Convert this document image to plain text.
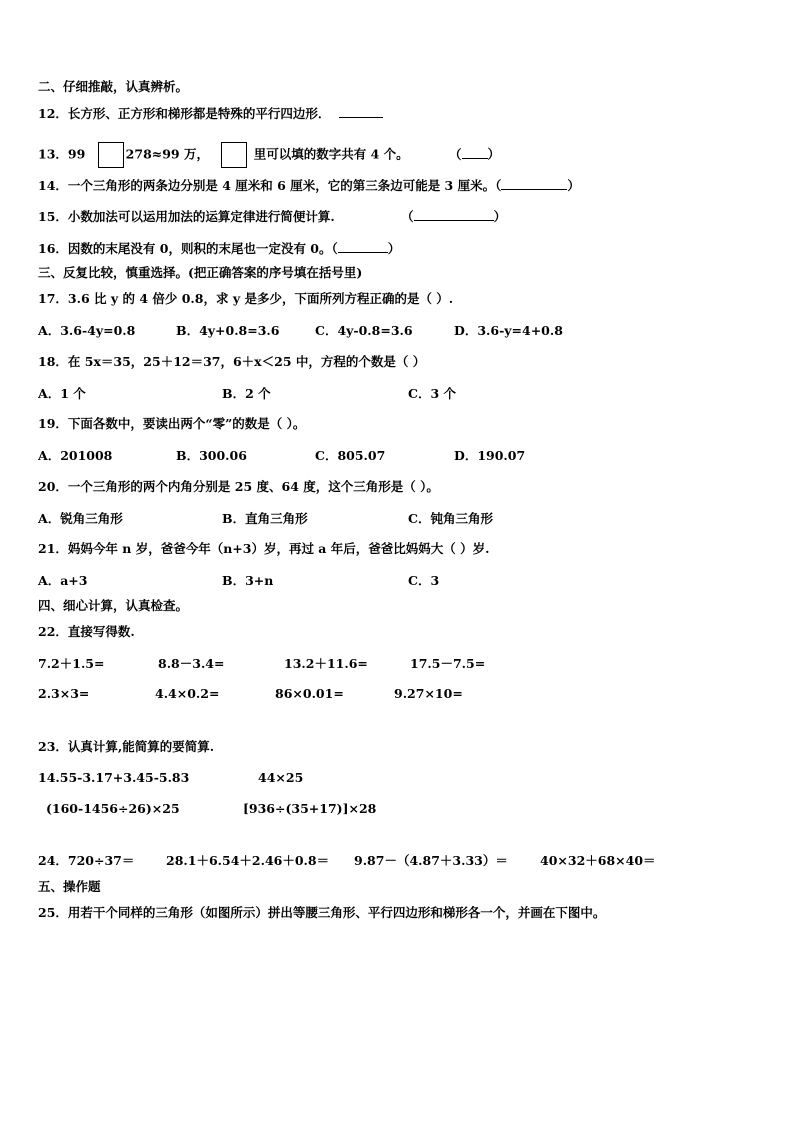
二、仔细推敲，认真辨析。
12．长方形、正方形和梯形都是特殊的平行四边形．
13．99	278≈99 万，	里可以填的数字共有 4 个。	（ ）
14．一个三角形的两条边分别是 4 厘米和 6 厘米，它的第三条边可能是 3 厘米。（	）
15．小数加法可以运用加法的运算定律进行简便计算.	（	）
16．因数的末尾没有 0，则积的末尾也一定没有 0。（	）
三、反复比较，慎重选择。(把正确答案的序号填在括号里)
17．3.6 比 y 的 4 倍少 0.8，求 y 是多少，下面所列方程正确的是（ ）.
A．3.6-4y=0.8	B．4y+0.8=3.6	C．4y-0.8=3.6	D．3.6-y=4+0.8
18．在 5x＝35，25＋12＝37，6＋x＜25 中，方程的个数是（ ）
A．1 个	B．2 个	C．3 个
19．下面各数中，要读出两个“零”的数是（ ）。
A．201008	B．300.06	C．805.07	D．190.07
20．一个三角形的两个内角分别是 25 度、64 度，这个三角形是（ ）。
A．锐角三角形	B．直角三角形	C．钝角三角形
21．妈妈今年 n 岁，爸爸今年（n+3）岁，再过 a 年后，爸爸比妈妈大（ ）岁.
A．a+3	B．3+n	C．3
四、细心计算，认真检查。
22．直接写得数.
7.2＋1.5=	8.8－3.4=	13.2＋11.6=	17.5－7.5=
2.3×3=	4.4×0.2=	86×0.01=	9.27×10=
23．认真计算,能简算的要简算.
14.55-3.17+3.45-5.83	44×25
(160-1456÷26)×25	[936÷(35+17)]×28
24．720÷37＝	28.1＋6.54＋2.46＋0.8＝ 9.87－（4.87＋3.33）＝	40×32＋68×40＝
五、操作题
25．用若干个同样的三角形（如图所示）拼出等腰三角形、平行四边形和梯形各一个，并画在下图中。
